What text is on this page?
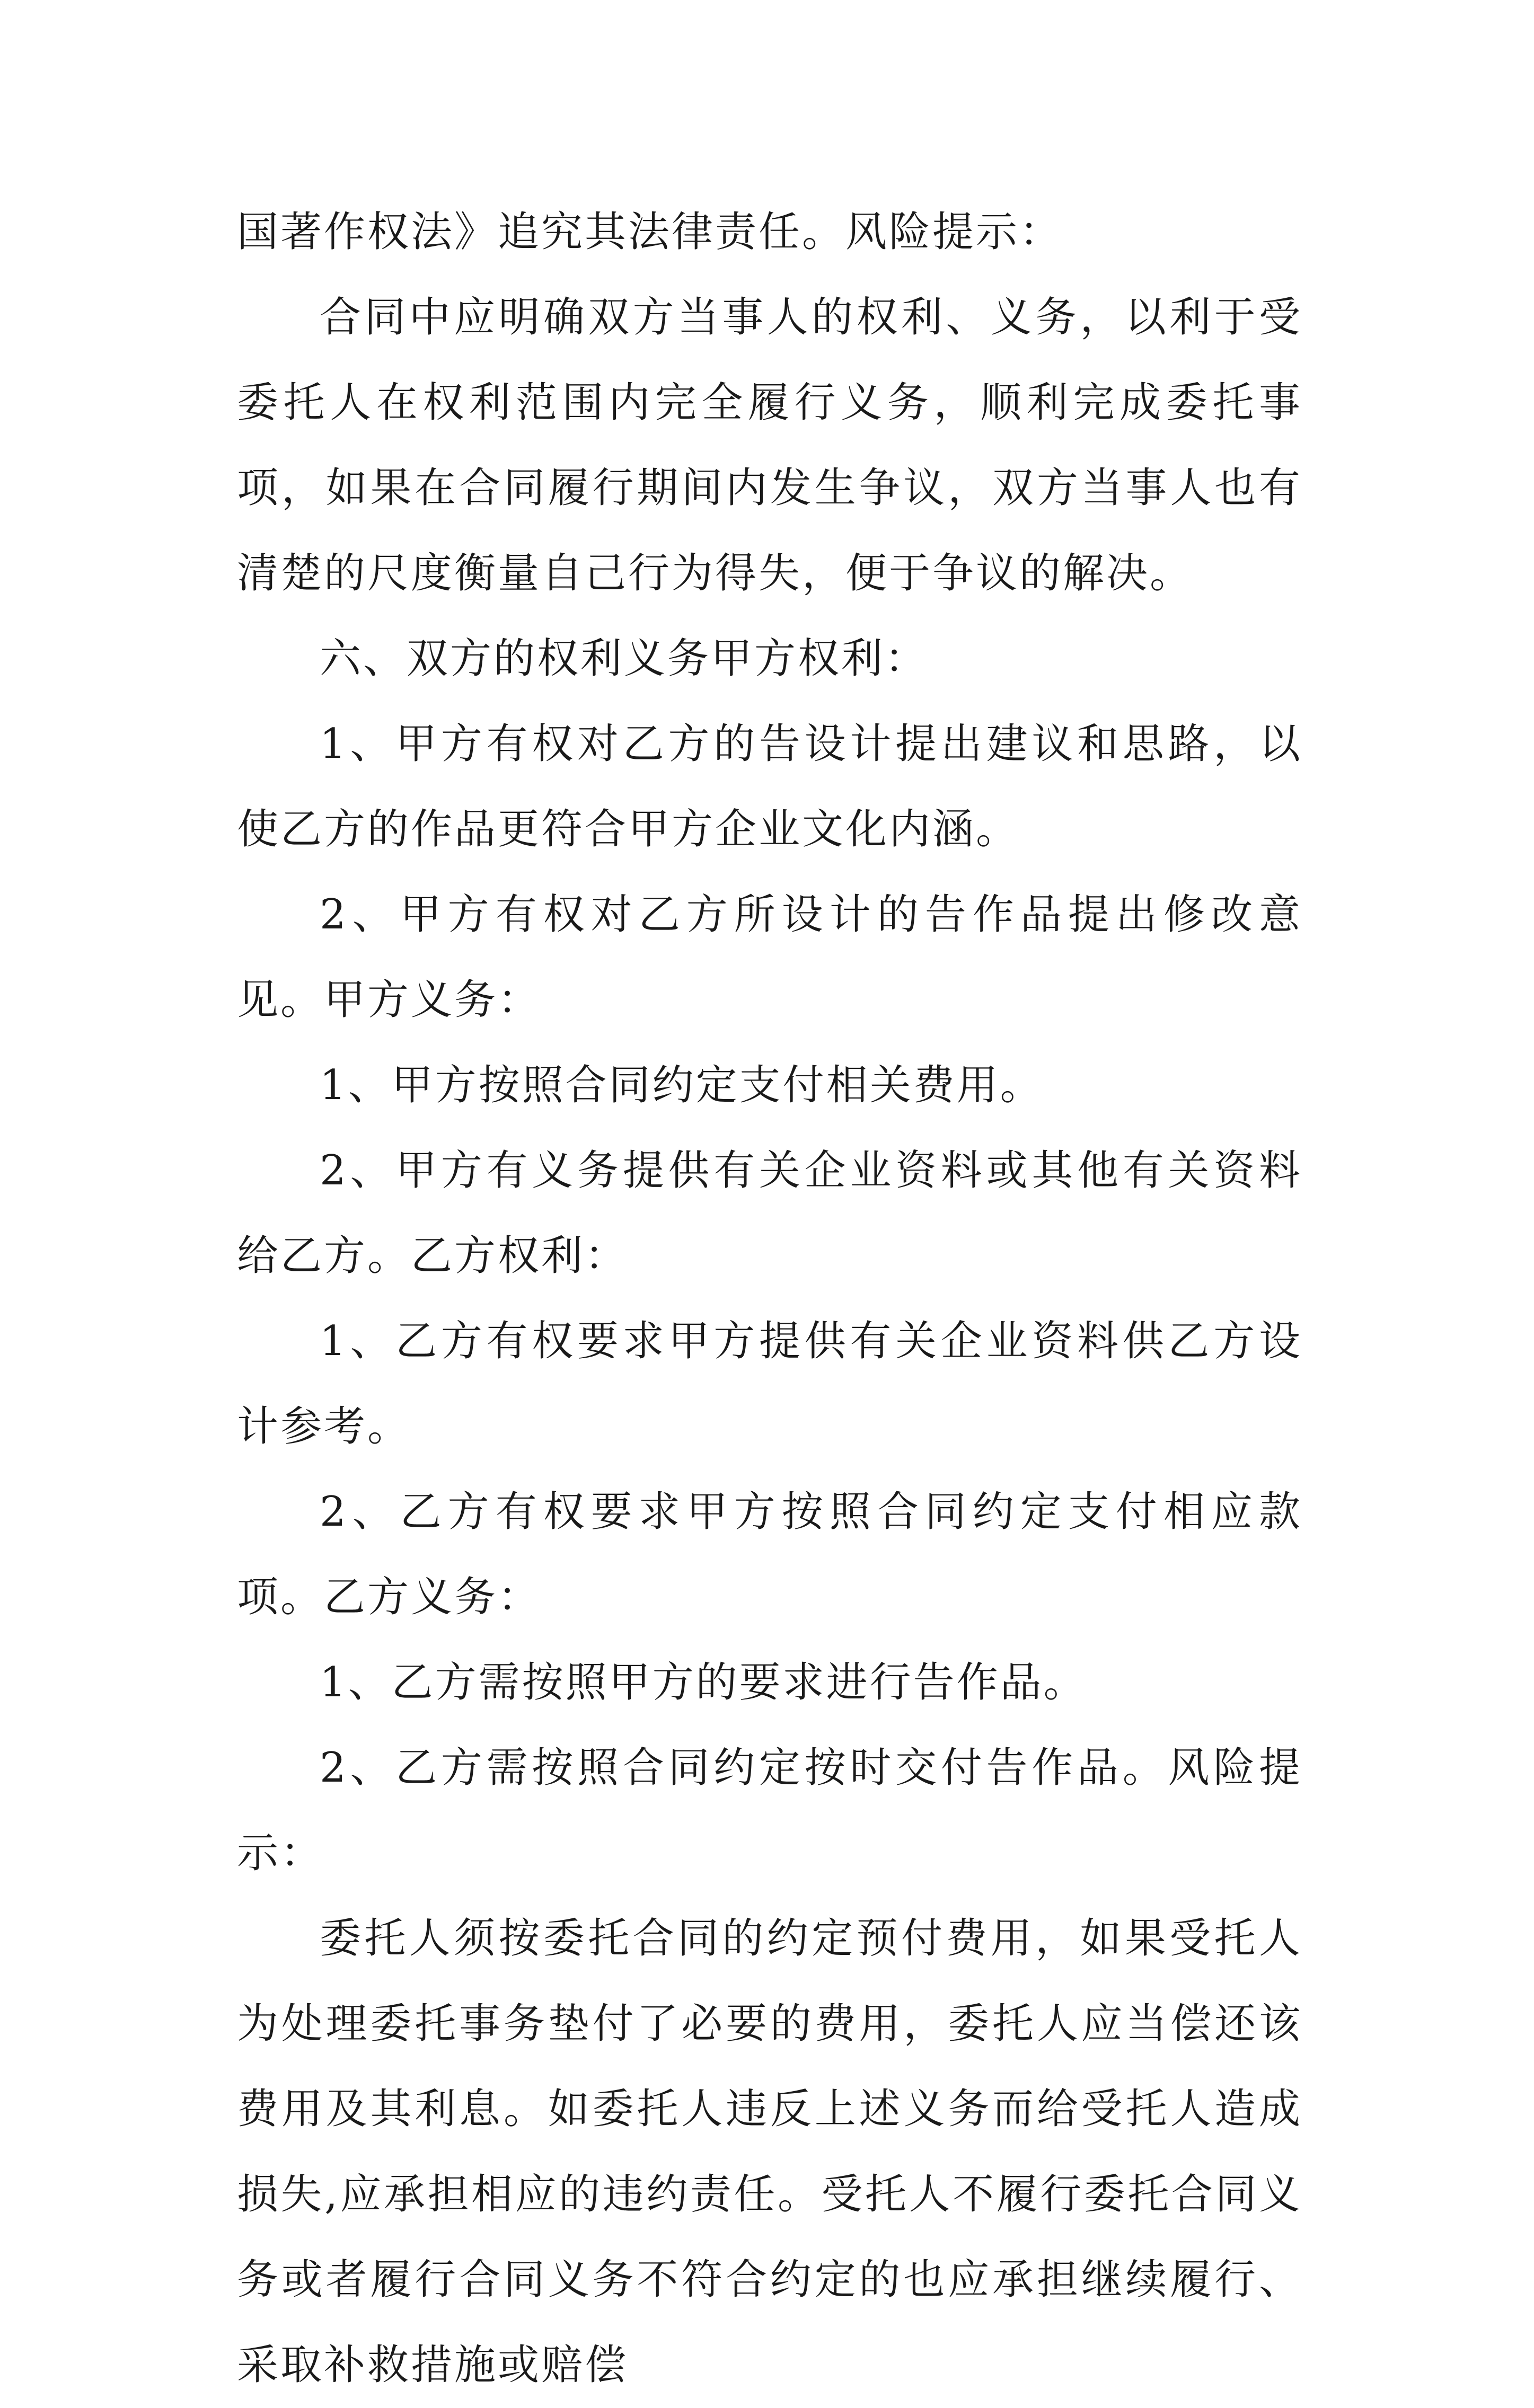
国著作权法》追究其法律责任。风险提示：

合同中应明确双方当事人的权利、义务，以利于受委托人在权利范围内完全履行义务，顺利完成委托事项，如果在合同履行期间内发生争议，双方当事人也有清楚的尺度衡量自己行为得失，便于争议的解决。

六、双方的权利义务甲方权利：

1、甲方有权对乙方的告设计提出建议和思路，以使乙方的作品更符合甲方企业文化内涵。

2、甲方有权对乙方所设计的告作品提出修改意见。甲方义务：

1、甲方按照合同约定支付相关费用。

2、甲方有义务提供有关企业资料或其他有关资料给乙方。乙方权利：

1、乙方有权要求甲方提供有关企业资料供乙方设计参考。

2、乙方有权要求甲方按照合同约定支付相应款项。乙方义务：

1、乙方需按照甲方的要求进行告作品。

2、乙方需按照合同约定按时交付告作品。风险提示：

委托人须按委托合同的约定预付费用，如果受托人为处理委托事务垫付了必要的费用，委托人应当偿还该费用及其利息。如委托人违反上述义务而给受托人造成损失,应承担相应的违约责任。受托人不履行委托合同义务或者履行合同义务不符合约定的也应承担继续履行、采取补救措施或赔偿
